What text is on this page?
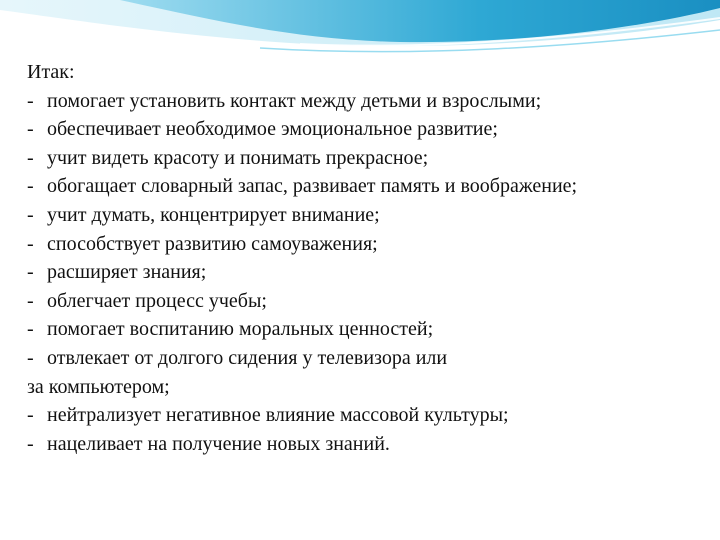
Итак:

- помогает установить контакт между детьми и взрослыми;

- обеспечивает необходимое эмоциональное развитие;

- учит видеть красоту и понимать прекрасное;

- обогащает словарный запас, развивает память и воображение;

- учит думать, концентрирует внимание;

- способствует развитию самоуважения;

- расширяет знания;

- облегчает процесс учебы;

- помогает воспитанию моральных ценностей;

- отвлекает от долгого сидения у телевизора или

за компьютером;

- нейтрализует негативное влияние массовой культуры;

- нацеливает на получение новых знаний.
